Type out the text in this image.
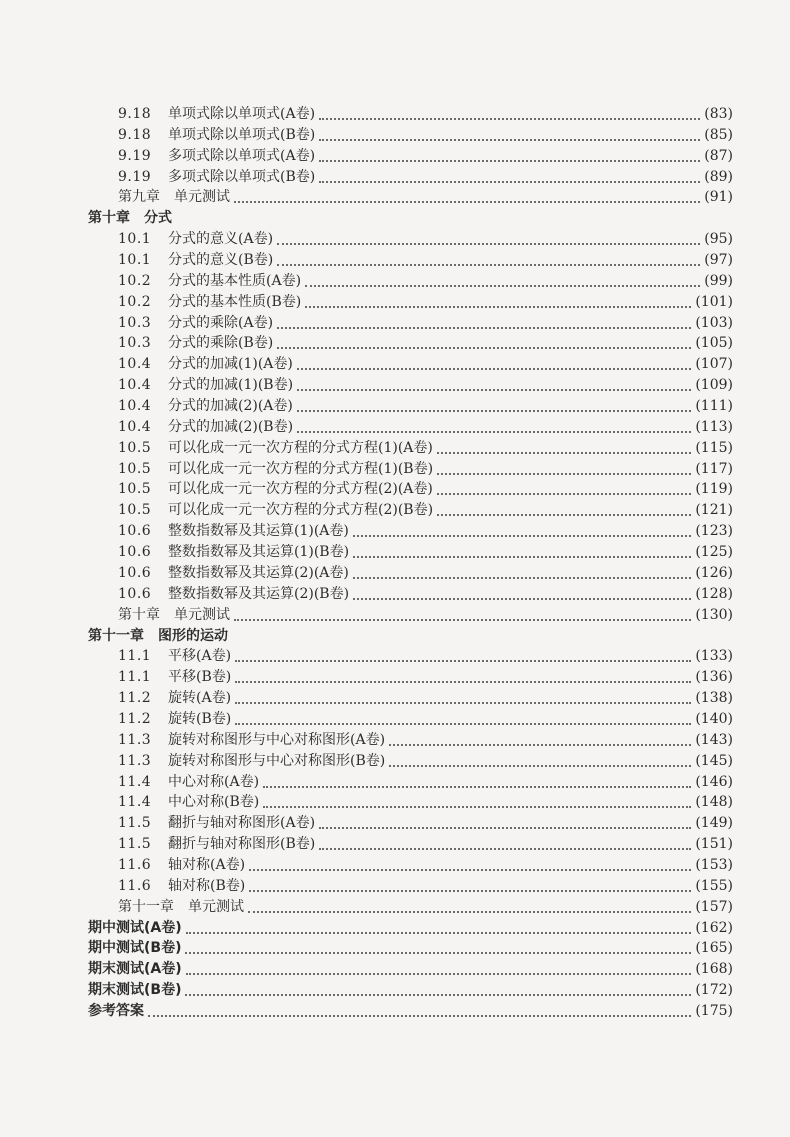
9.18	单项式除以单项式(A卷)	(83)
9.18	单项式除以单项式(B卷)	(85)
9.19	多项式除以单项式(A卷)	(87)
9.19	多项式除以单项式(B卷)	(89)
第九章　单元测试	(91)
第十章　分式
10.1	分式的意义(A卷)	(95)
10.1	分式的意义(B卷)	(97)
10.2	分式的基本性质(A卷)	(99)
10.2	分式的基本性质(B卷)	(101)
10.3	分式的乘除(A卷)	(103)
10.3	分式的乘除(B卷)	(105)
10.4	分式的加减(1)(A卷)	(107)
10.4	分式的加减(1)(B卷)	(109)
10.4	分式的加减(2)(A卷)	(111)
10.4	分式的加减(2)(B卷)	(113)
10.5	可以化成一元一次方程的分式方程(1)(A卷)	(115)
10.5	可以化成一元一次方程的分式方程(1)(B卷)	(117)
10.5	可以化成一元一次方程的分式方程(2)(A卷)	(119)
10.5	可以化成一元一次方程的分式方程(2)(B卷)	(121)
10.6	整数指数幂及其运算(1)(A卷)	(123)
10.6	整数指数幂及其运算(1)(B卷)	(125)
10.6	整数指数幂及其运算(2)(A卷)	(126)
10.6	整数指数幂及其运算(2)(B卷)	(128)
第十章　单元测试	(130)
第十一章　图形的运动
11.1	平移(A卷)	(133)
11.1	平移(B卷)	(136)
11.2	旋转(A卷)	(138)
11.2	旋转(B卷)	(140)
11.3	旋转对称图形与中心对称图形(A卷)	(143)
11.3	旋转对称图形与中心对称图形(B卷)	(145)
11.4	中心对称(A卷)	(146)
11.4	中心对称(B卷)	(148)
11.5	翻折与轴对称图形(A卷)	(149)
11.5	翻折与轴对称图形(B卷)	(151)
11.6	轴对称(A卷)	(153)
11.6	轴对称(B卷)	(155)
第十一章　单元测试	(157)
期中测试(A卷)	(162)
期中测试(B卷)	(165)
期末测试(A卷)	(168)
期末测试(B卷)	(172)
参考答案	(175)
